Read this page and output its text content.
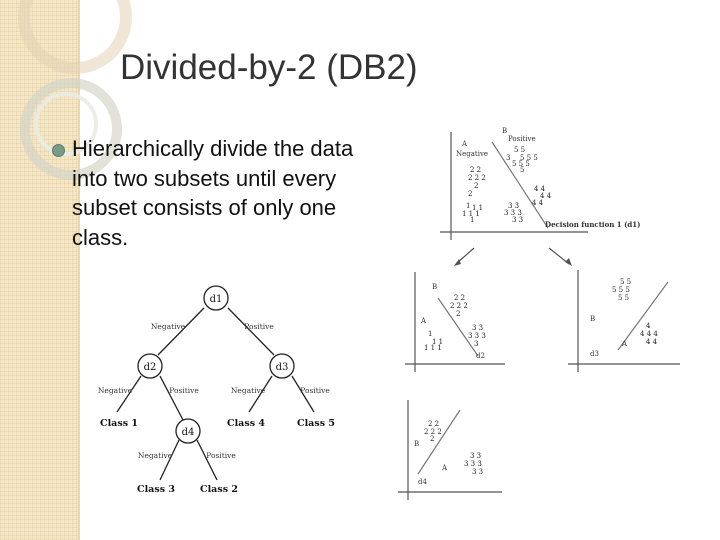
Divided-by-2 (DB2)
Hierarchically divide the data
into two subsets until every
subset consists of only one
class.
d1
d2	d3
d4
Negative	Positive
Negative	Positive	Negative	Positive
Negative	Positive
Class 1	Class 4	Class 5
Class 3	Class 2
B
Positive
A
Negative
Decision function 1 (d1)
B
A
d2
B
A
d3
B
A
d4
5 5
5 5 5
3
5 5 5
5
2 2
2 2 2
2
2
4 4
4 4
4 4
1 1 1
1 1 1
1
3 3
3 3 3
3 3
2 2
2 2 2
2
1
1 1
1 1 1
3 3
3 3 3
3
5 5
5 5 5
5 5
4
4 4 4
4 4
2 2
2 2 2
2
3 3
3 3 3
3 3
